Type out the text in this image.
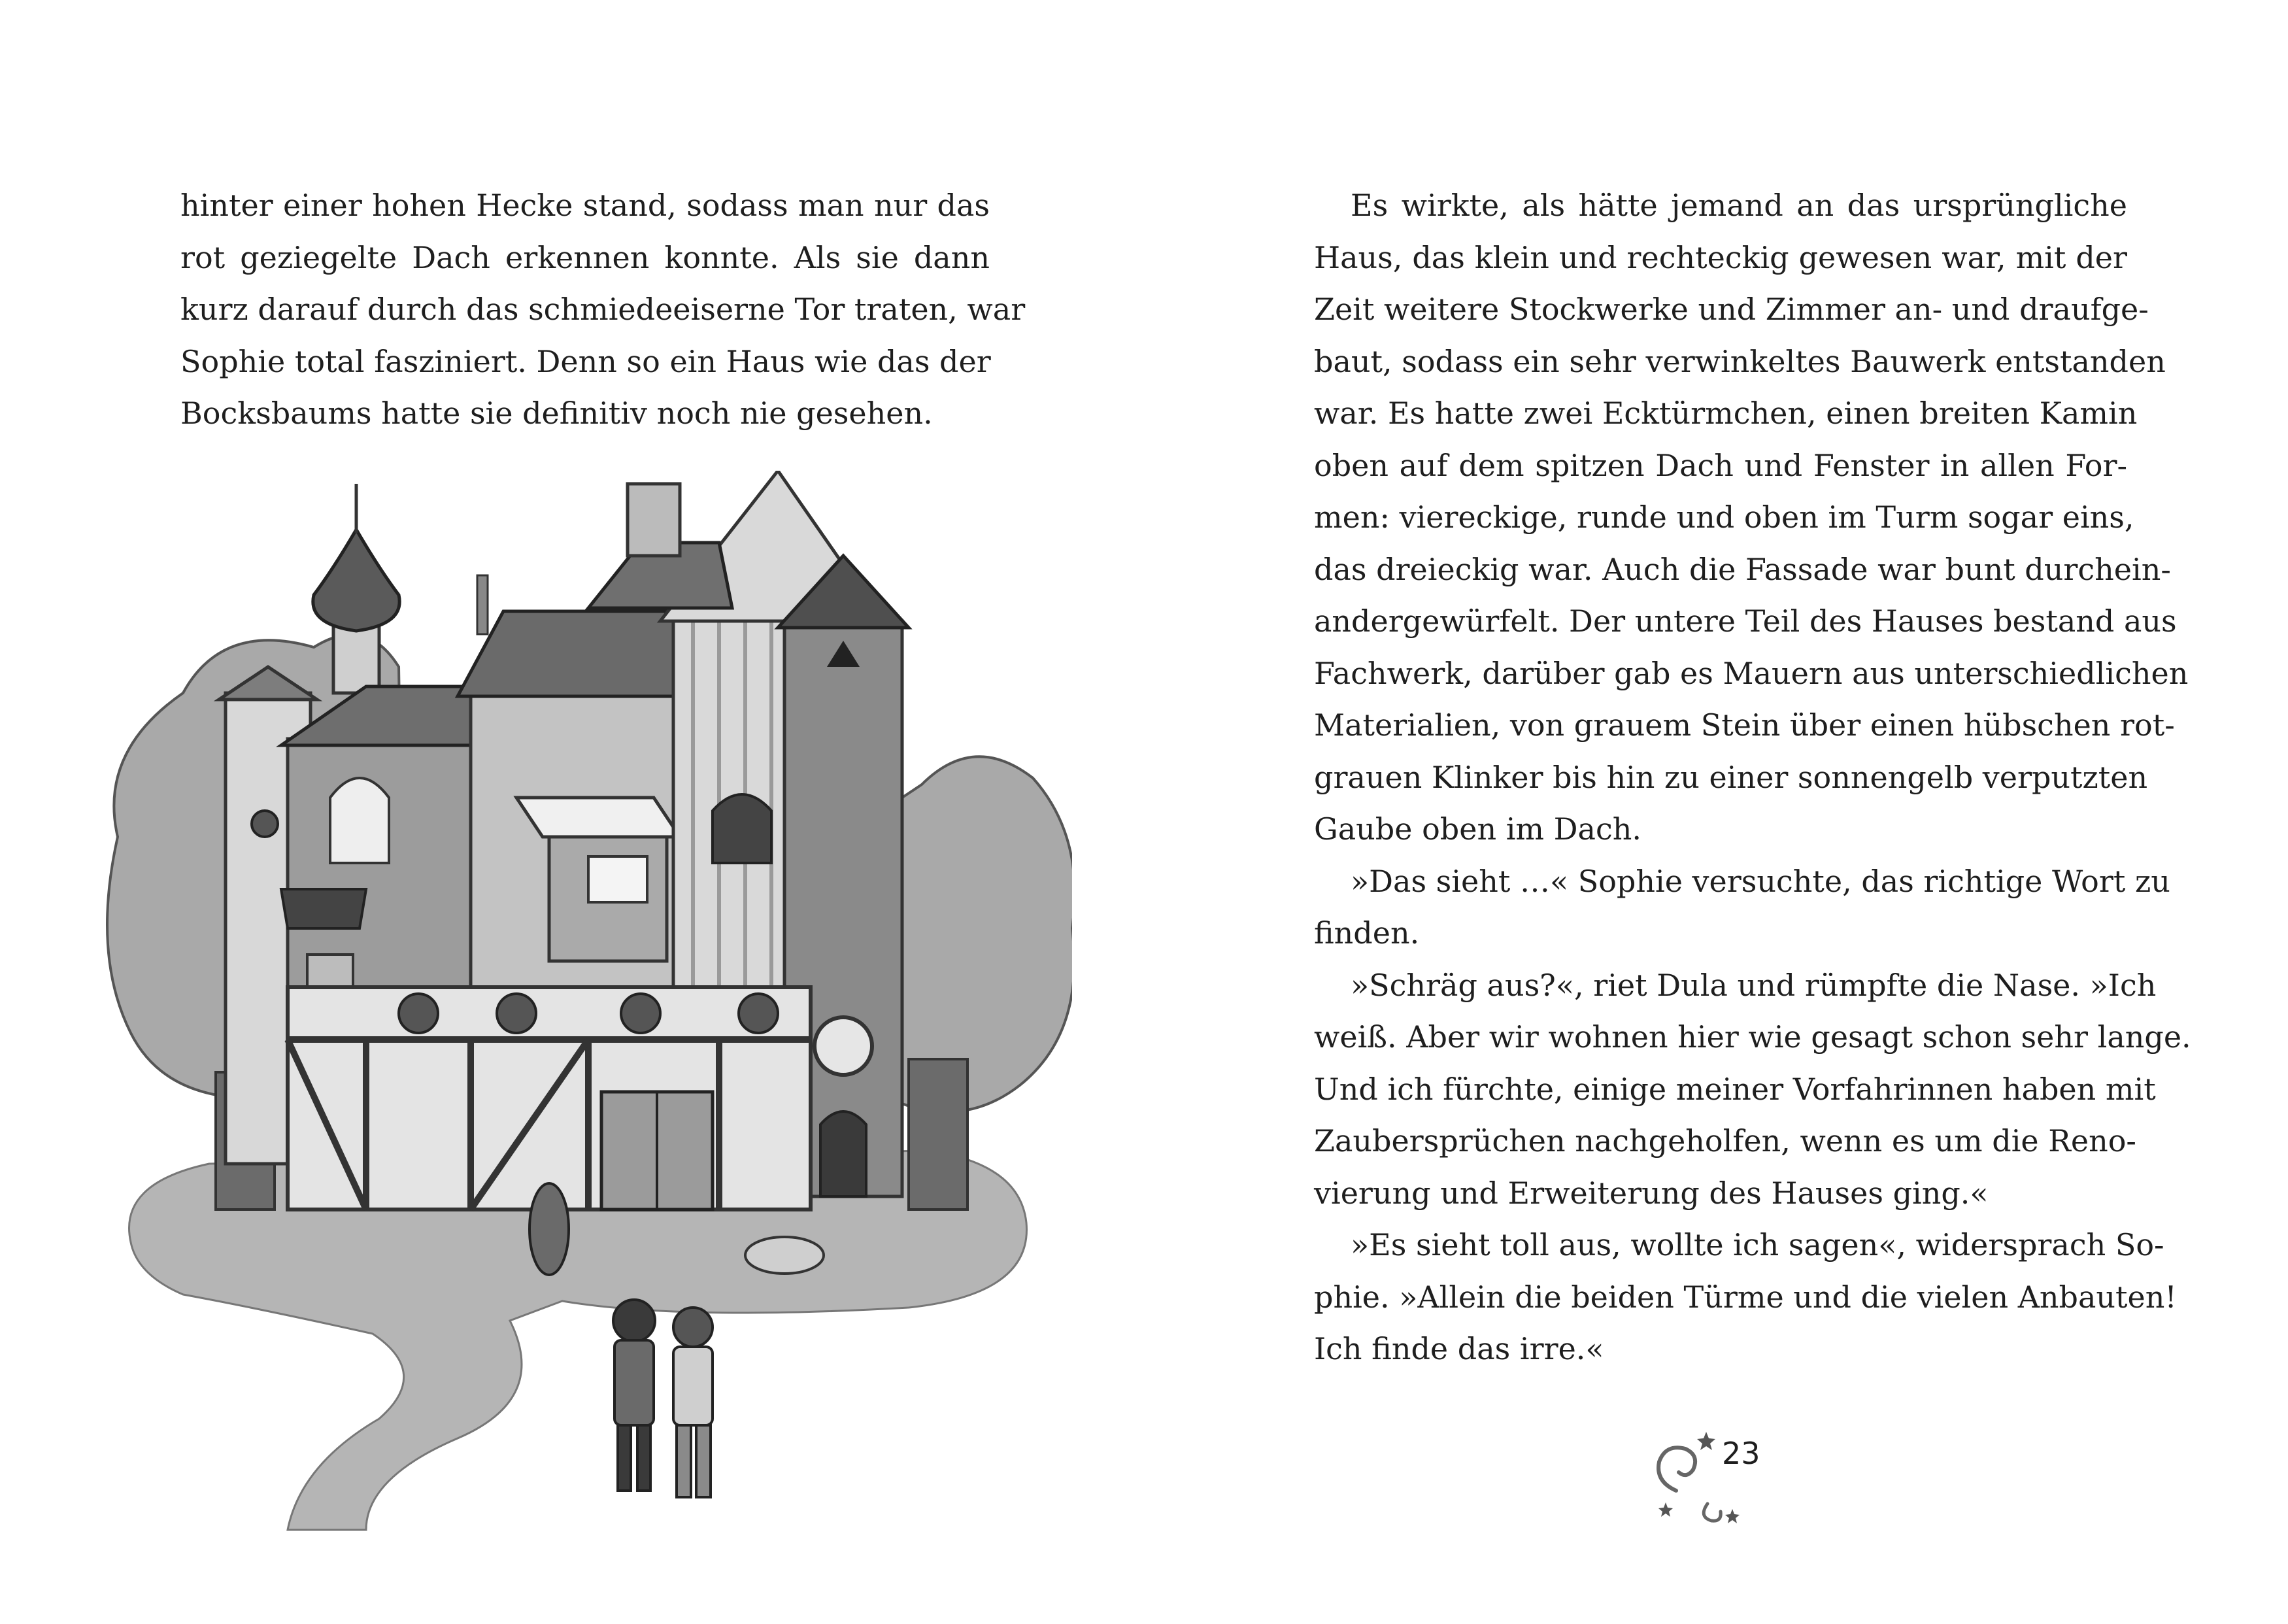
hinter einer hohen Hecke stand, sodass man nur das
rot geziegelte Dach erkennen konnte. Als sie dann
kurz darauf durch das schmiedeeiserne Tor traten, war
Sophie total fasziniert. Denn so ein Haus wie das der
Bocksbaums hatte sie definitiv noch nie gesehen.
Es wirkte, als hätte jemand an das ursprüngliche
Haus, das klein und rechteckig gewesen war, mit der
Zeit weitere Stockwerke und Zimmer an- und draufge-
baut, sodass ein sehr verwinkeltes Bauwerk entstanden
war. Es hatte zwei Ecktürmchen, einen breiten Kamin
oben auf dem spitzen Dach und Fenster in allen For-
men: viereckige, runde und oben im Turm sogar eins,
das dreieckig war. Auch die Fassade war bunt durchein-
andergewürfelt. Der untere Teil des Hauses bestand aus
Fachwerk, darüber gab es Mauern aus unterschiedlichen
Materialien, von grauem Stein über einen hübschen rot-
grauen Klinker bis hin zu einer sonnengelb verputzten
Gaube oben im Dach.
»Das sieht …« Sophie versuchte, das richtige Wort zu
finden.
»Schräg aus?«, riet Dula und rümpfte die Nase. »Ich
weiß. Aber wir wohnen hier wie gesagt schon sehr lange.
Und ich fürchte, einige meiner Vorfahrinnen haben mit
Zaubersprüchen nachgeholfen, wenn es um die Reno-
vierung und Erweiterung des Hauses ging.«
»Es sieht toll aus, wollte ich sagen«, widersprach So-
phie. »Allein die beiden Türme und die vielen Anbauten!
Ich finde das irre.«
23
